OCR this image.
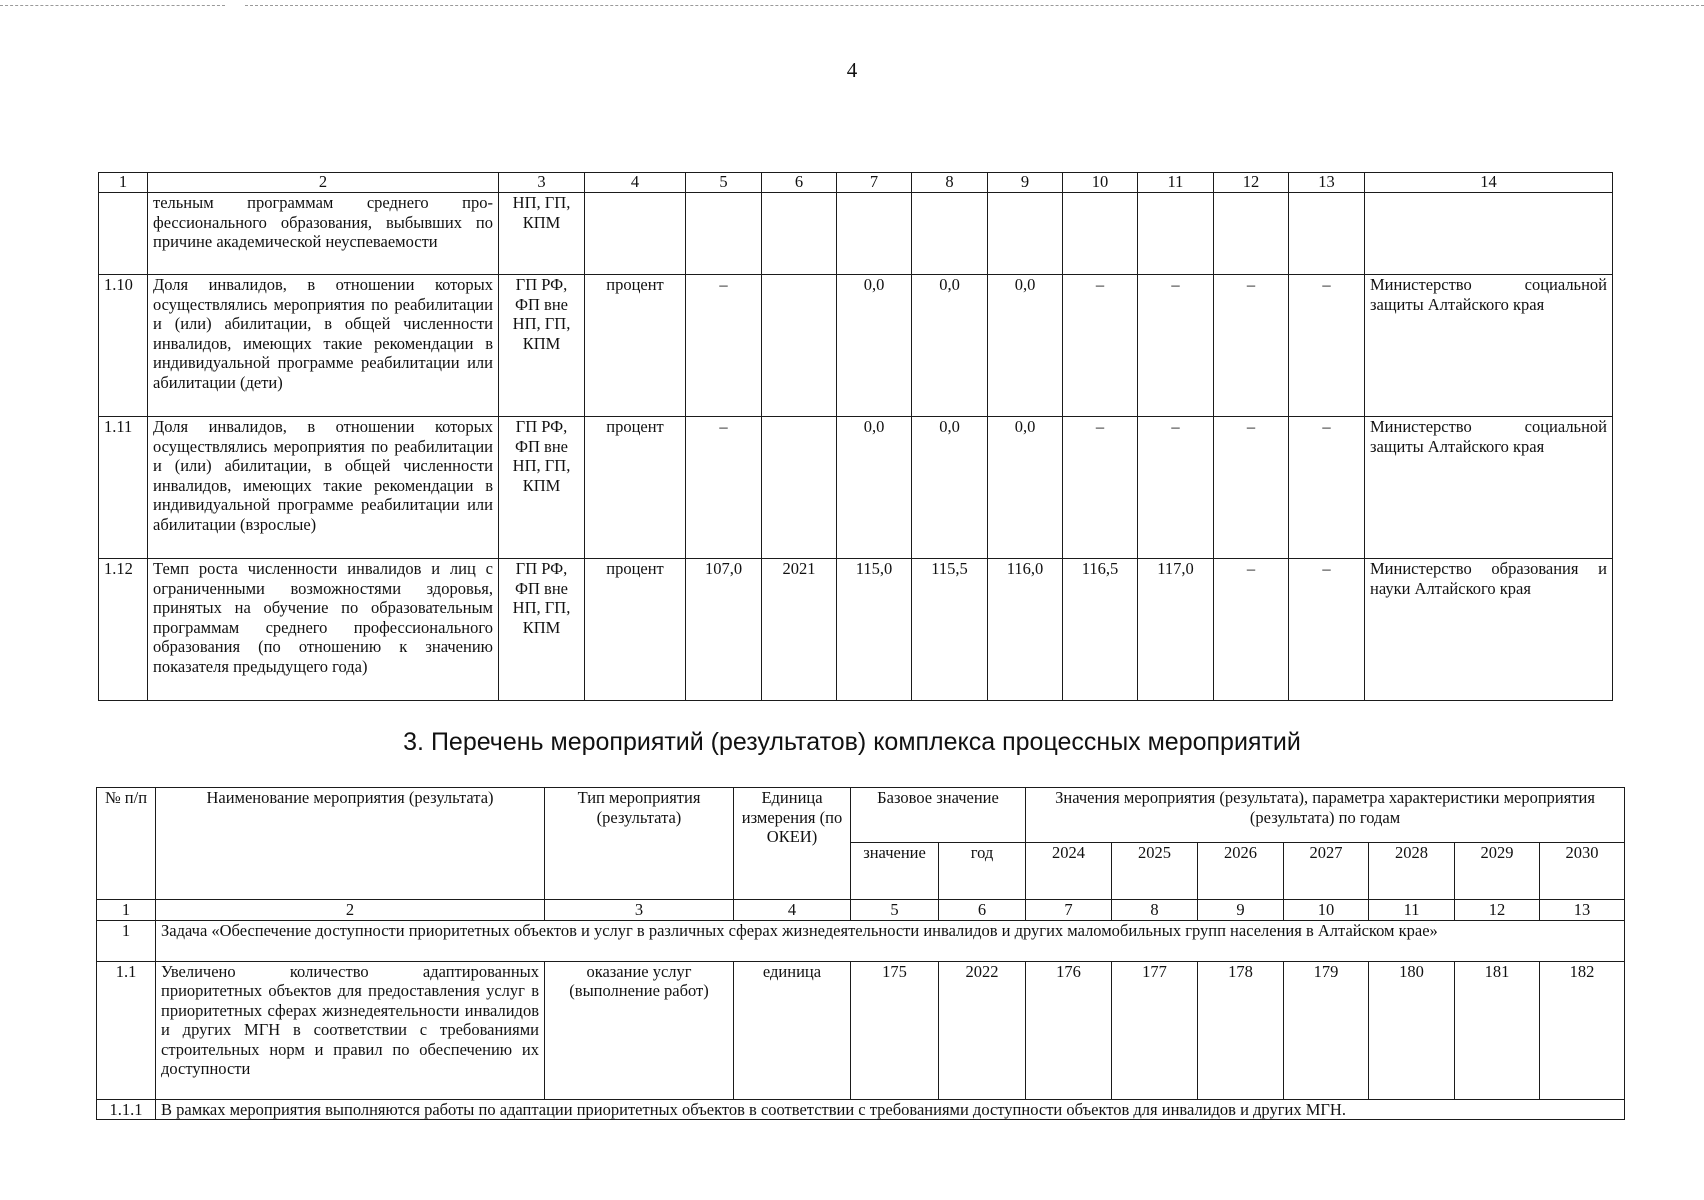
4
1	2	3	4	5	6	7	8	9	10	11	12	13	14
	тельным программам среднего профессионального образования, выбывших по причине академической неуспеваемости	НП, ГП, КПМ											
1.10	Доля инвалидов, в отношении которых осуществлялись мероприятия по реабилитации и (или) абилитации, в общей численности инвалидов, имеющих такие рекомендации в индивидуальной программе реабилитации или абилитации (дети)	ГП РФ, ФП вне НП, ГП, КПМ	процент	–		0,0	0,0	0,0	–	–	–	–	Министерство социальной защиты Алтайского края
1.11	Доля инвалидов, в отношении которых осуществлялись мероприятия по реабилитации и (или) абилитации, в общей численности инвалидов, имеющих такие рекомендации в индивидуальной программе реабилитации или абилитации (взрослые)	ГП РФ, ФП вне НП, ГП, КПМ	процент	–		0,0	0,0	0,0	–	–	–	–	Министерство социальной защиты Алтайского края
1.12	Темп роста численности инвалидов и лиц с ограниченными возможностями здоровья, принятых на обучение по образовательным программам среднего профессионального образования (по отношению к значению показателя предыдущего года)	ГП РФ, ФП вне НП, ГП, КПМ	процент	107,0	2021	115,0	115,5	116,0	116,5	117,0	–	–	Министерство образования и науки Алтайского края
3. Перечень мероприятий (результатов) комплекса процессных мероприятий
№ п/п	Наименование мероприятия (результата)	Тип мероприятия (результата)	Единица измерения (по ОКЕИ)	Базовое значение		Значения мероприятия (результата), параметра характеристики мероприятия (результата) по годам						
				значение	год	2024	2025	2026	2027	2028	2029	2030
1	2	3	4	5	6	7	8	9	10	11	12	13
1	Задача «Обеспечение доступности приоритетных объектов и услуг в различных сферах жизнедеятельности инвалидов и других маломобильных групп населения в Алтайском крае»											
1.1	Увеличено количество адаптированных приоритетных объектов для предоставления услуг в приоритетных сферах жизнедеятельности инвалидов и других МГН в соответствии с требованиями строительных норм и правил по обеспечению их доступности	оказание услуг (выполнение работ)	единица	175	2022	176	177	178	179	180	181	182
1.1.1	В рамках мероприятия выполняются работы по адаптации приоритетных объектов в соответствии с требованиями доступности объектов для инвалидов и других МГН.											
